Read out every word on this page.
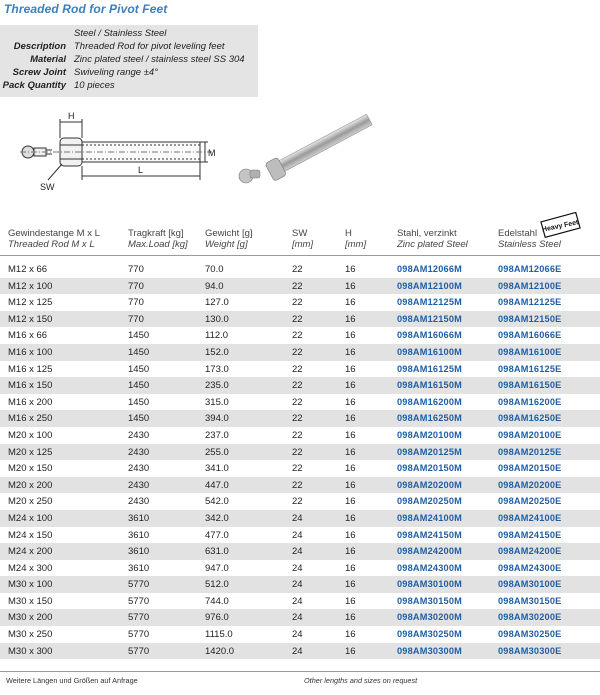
Threaded Rod for Pivot Feet
Steel / Stainless Steel
Description Threaded Rod for pivot leveling feet
Material Zinc plated steel / stainless steel SS 304
Screw Joint Swiveling range ±4°
Pack Quantity 10 pieces
H
M
L
SW
Heavy Feet
Gewindestange M x L
Threaded Rod M x L
Tragkraft [kg]
Max.Load [kg]
Gewicht [g]
Weight [g]
SW
[mm]
H
[mm]
Stahl, verzinkt
Zinc plated Steel
Edelstahl
Stainless Steel
M12 x 66	770	70.0	22	16	098AM12066M	098AM12066E
M12 x 100	770	94.0	22	16	098AM12100M	098AM12100E
M12 x 125	770	127.0	22	16	098AM12125M	098AM12125E
M12 x 150	770	130.0	22	16	098AM12150M	098AM12150E
M16 x 66	1450	112.0	22	16	098AM16066M	098AM16066E
M16 x 100	1450	152.0	22	16	098AM16100M	098AM16100E
M16 x 125	1450	173.0	22	16	098AM16125M	098AM16125E
M16 x 150	1450	235.0	22	16	098AM16150M	098AM16150E
M16 x 200	1450	315.0	22	16	098AM16200M	098AM16200E
M16 x 250	1450	394.0	22	16	098AM16250M	098AM16250E
M20 x 100	2430	237.0	22	16	098AM20100M	098AM20100E
M20 x 125	2430	255.0	22	16	098AM20125M	098AM20125E
M20 x 150	2430	341.0	22	16	098AM20150M	098AM20150E
M20 x 200	2430	447.0	22	16	098AM20200M	098AM20200E
M20 x 250	2430	542.0	22	16	098AM20250M	098AM20250E
M24 x 100	3610	342.0	24	16	098AM24100M	098AM24100E
M24 x 150	3610	477.0	24	16	098AM24150M	098AM24150E
M24 x 200	3610	631.0	24	16	098AM24200M	098AM24200E
M24 x 300	3610	947.0	24	16	098AM24300M	098AM24300E
M30 x 100	5770	512.0	24	16	098AM30100M	098AM30100E
M30 x 150	5770	744.0	24	16	098AM30150M	098AM30150E
M30 x 200	5770	976.0	24	16	098AM30200M	098AM30200E
M30 x 250	5770	1115.0	24	16	098AM30250M	098AM30250E
M30 x 300	5770	1420.0	24	16	098AM30300M	098AM30300E
Weitere Längen und Größen auf Anfrage	Other lengths and sizes on request
